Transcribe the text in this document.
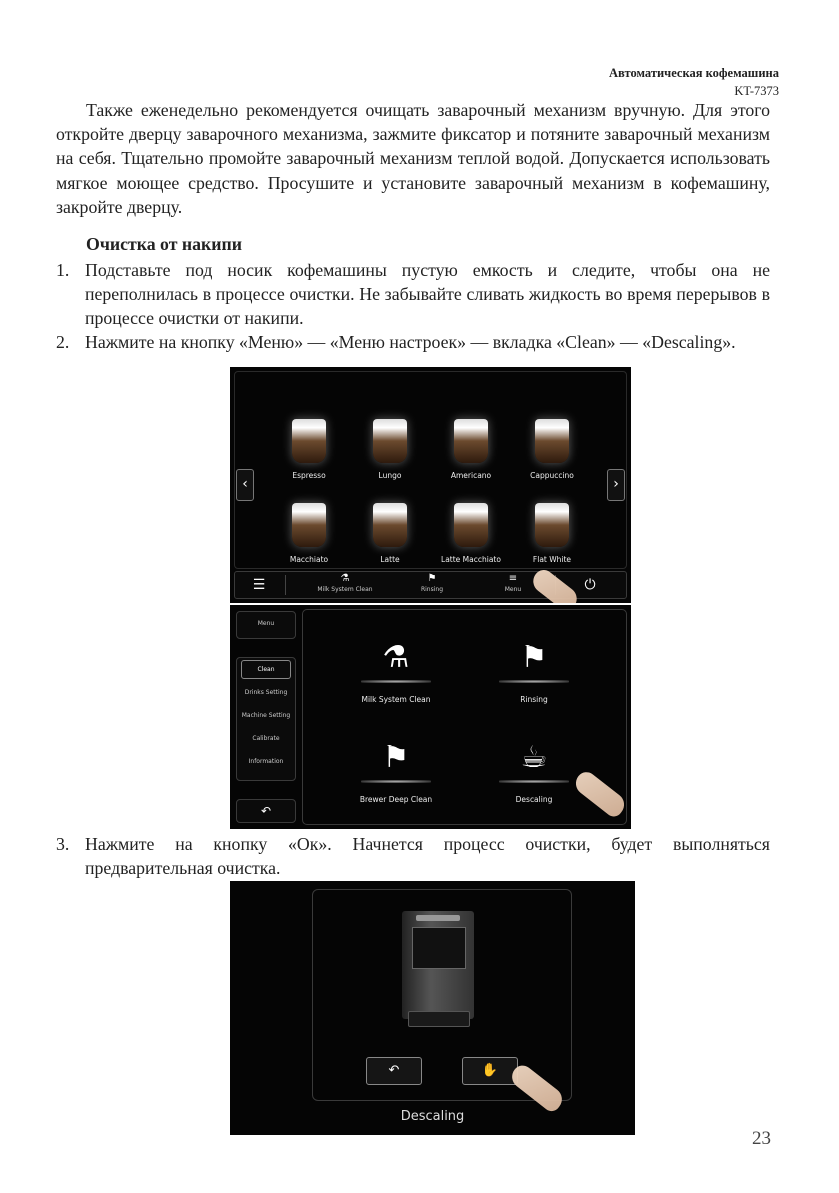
Автоматическая кофемашина
KT-7373
Также еженедельно рекомендуется очищать заварочный механизм вручную. Для этого откройте дверцу заварочного механизма, зажмите фиксатор и потяните заварочный механизм на себя. Тщательно промойте заварочный механизм теплой водой. Допускается использовать мягкое моющее средство. Просушите и установите заварочный механизм в кофемашину, закройте дверцу.
Очистка от накипи
1. Подставьте под носик кофемашины пустую емкость и следите, чтобы она не переполнилась в процессе очистки. Не забывайте сливать жидкость во время перерывов в процессе очистки от накипи.
2. Нажмите на кнопку «Меню» — «Меню настроек» — вкладка «Clean» — «Descaling».
‹	›
Espresso	Lungo	Americano	Cappuccino
Macchiato	Latte	Latte Macchiato	Flat White
☰	⚗
Milk System Clean
⚑
Rinsing
≡
Menu	⏻
Menu
Clean
Drinks Setting
Machine Setting
Calibrate
Information
↶
⚗
Milk System Clean
⚑
Rinsing
⚑
Brewer Deep Clean
☕
Descaling
3. Нажмите на кнопку «Ок». Начнется процесс очистки, будет выполняться предварительная очистка.
↶	✋
Descaling
23
